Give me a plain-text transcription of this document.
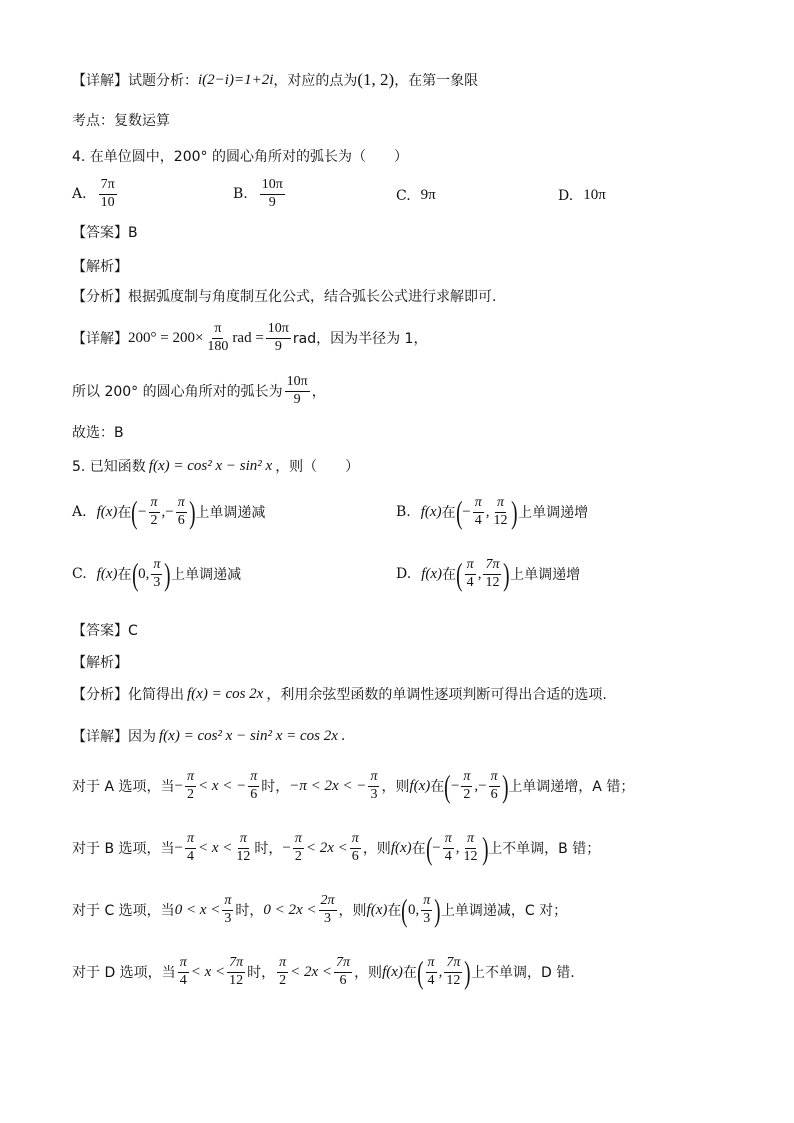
【详解】 试题分析： i(2−i)=1+2i ，对应的点为 (1, 2) ，在第一象限
考点：复数运算
4. 在单位圆中，200° 的圆心角所对的弧长为（　　）
A. $\frac{7\pi}{10}$	B. $\frac{10\pi}{9}$	C. 9π	D. 10π
【答案】B
【解析】
【分析】根据弧度制与角度制互化公式，结合弧长公式进行求解即可.
【详解】 $200^\circ = 200\times \frac{\pi}{180}$ rad = $\frac{10\pi}{9}$ rad，因为半径为 1，
所以 200° 的圆心角所对的弧长为 $\frac{10\pi}{9}$ ，
故选：B
5. 已知函数 f(x) = cos² x − sin² x ，则（　　）
A. f(x) 在 ( − $\frac{\pi}{2}$ ,− $\frac{\pi}{6}$ ) 上单调递减	B. f(x) 在 ( − $\frac{\pi}{4}$ , $\frac{\pi}{12}$ ) 上单调递增
C. f(x) 在 ( 0, $\frac{\pi}{3}$ ) 上单调递减	D. f(x) 在 ( $\frac{\pi}{4}$ , $\frac{7\pi}{12}$ ) 上单调递增
【答案】C
【解析】
【分析】化简得出 f(x) = cos 2x ，利用余弦型函数的单调性逐项判断可得出合适的选项.
【详解】因为 f(x) = cos² x − sin² x = cos 2x .
对于 A 选项，当 − $\frac{\pi}{2} < x$ < − $\frac{\pi}{6}$ 时， −π < 2x < − $\frac{\pi}{3}$ ，则 f(x) 在 ( − $\frac{\pi}{2}$ ,− $\frac{\pi}{6}$ ) 上单调递增，A 错；
对于 B 选项，当 − $\frac{\pi}{4} < x < \frac{\pi}{12}$ 时， − $\frac{\pi}{2} < 2x < \frac{\pi}{6}$ ，则 f(x) 在 ( − $\frac{\pi}{4}$ , $\frac{\pi}{12}$ ) 上不单调，B 错；
对于 C 选项，当 $0 < x < \frac{\pi}{3}$ 时， $0 < 2x < \frac{2\pi}{3}$ ，则 f(x) 在 ( 0, $\frac{\pi}{3}$ ) 上单调递减，C 对；
对于 D 选项，当 $\frac{\pi}{4} < x < \frac{7\pi}{12}$ 时， $\frac{\pi}{2} < 2x < \frac{7\pi}{6}$ ，则 f(x) 在 ( $\frac{\pi}{4}$ , $\frac{7\pi}{12}$ ) 上不单调，D 错.
